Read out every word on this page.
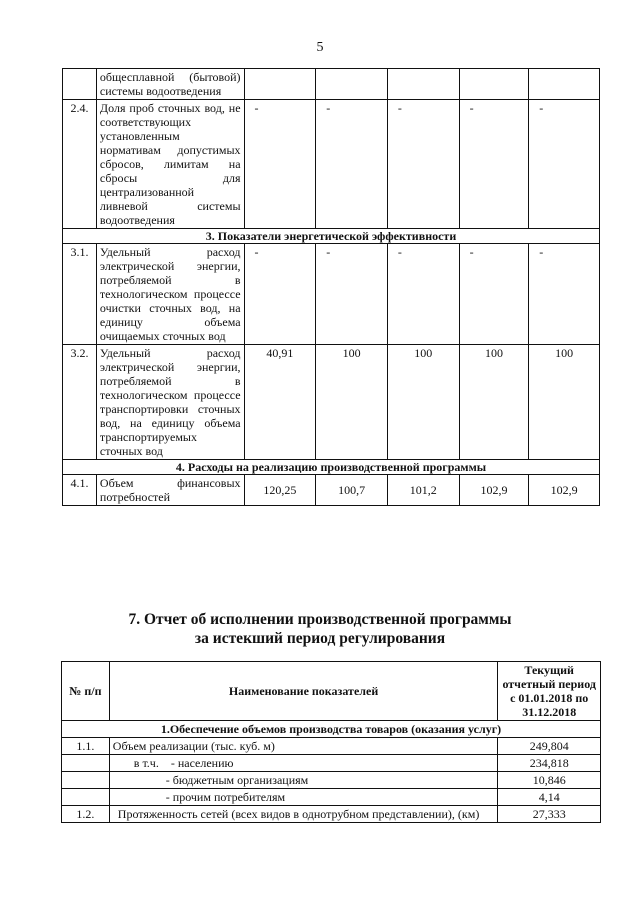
5
	общесплавной (бытовой) системы водоотведения					
2.4.	Доля проб сточных вод, не соответствующих установленным нормативам допустимых сбросов, лимитам на сбросы для централизованной ливневой системы водоотведения	-	-	-	-	-
3. Показатели энергетической эффективности						
3.1.	Удельный расход электрической энергии, потребляемой в технологическом процессе очистки сточных вод, на единицу объема очищаемых сточных вод	-	-	-	-	-
3.2.	Удельный расход электрической энергии, потребляемой в технологическом процессе транспортировки сточных вод, на единицу объема транспортируемых сточных вод	40,91	100	100	100	100
4. Расходы на реализацию производственной программы						
4.1.	Объем финансовых потребностей	120,25	100,7	101,2	102,9	102,9
7. Отчет об исполнении производственной программы
за истекший период регулирования
№ п/п	Наименование показателей	Текущий отчетный период с 01.01.2018 по 31.12.2018
1.Обеспечение объемов производства товаров (оказания услуг)		
1.1.	Объем реализации (тыс. куб. м)	249,804
	в т.ч.    - населению	234,818
	- бюджетным организациям	10,846
	- прочим потребителям	4,14
1.2.	Протяженность сетей (всех видов в однотрубном представлении), (км)	27,333
